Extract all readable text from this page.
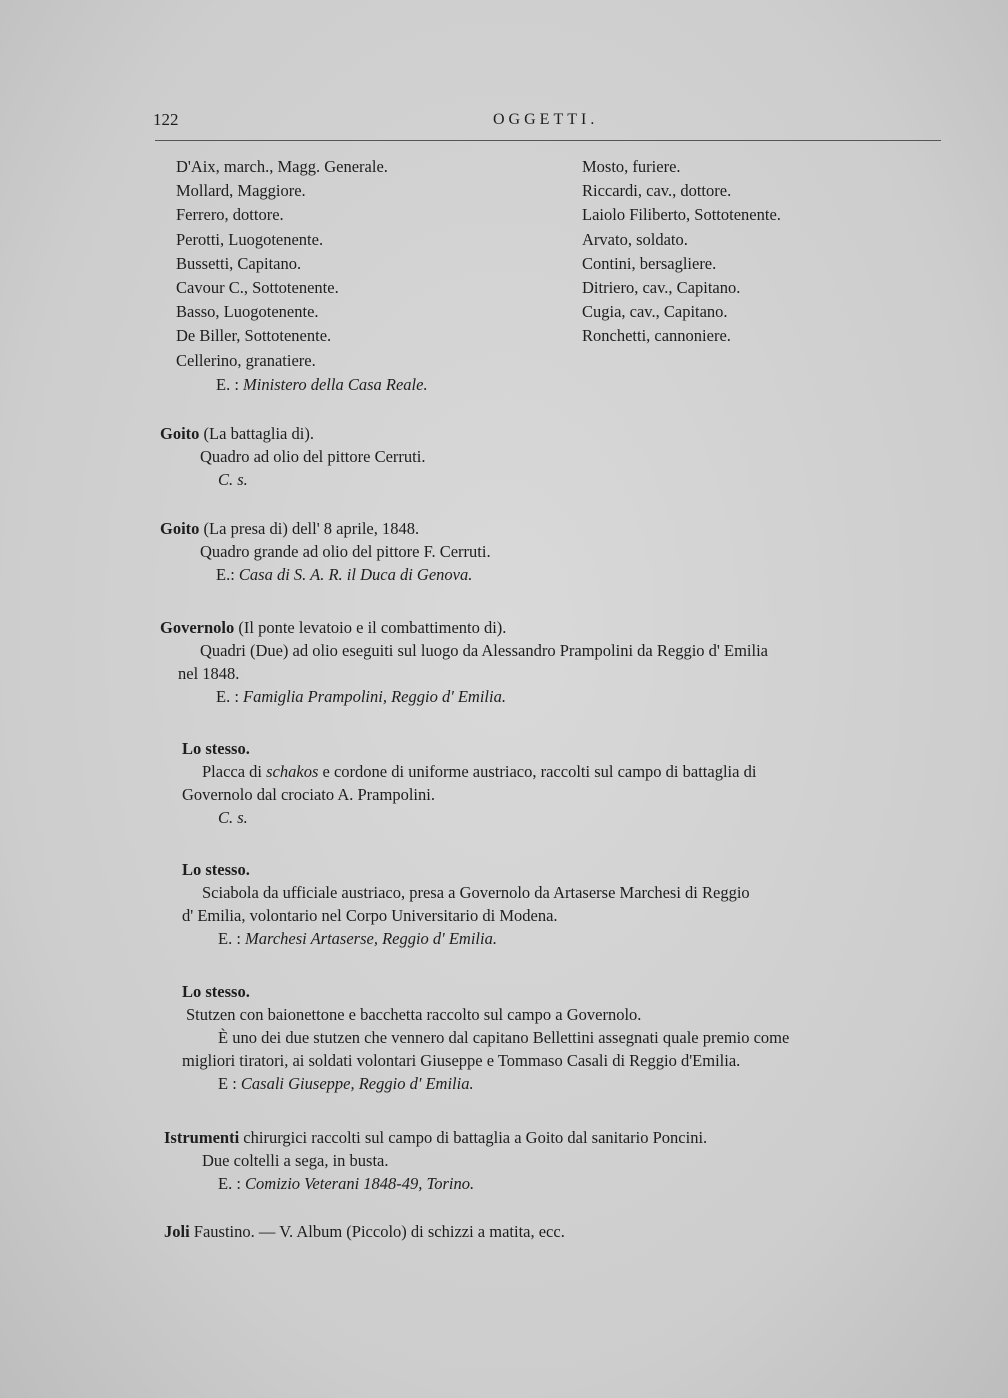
122	OGGETTI.
D'Aix, march., Magg. Generale.
Mollard, Maggiore.
Ferrero, dottore.
Perotti, Luogotenente.
Bussetti, Capitano.
Cavour C., Sottotenente.
Basso, Luogotenente.
De Biller, Sottotenente.
Cellerino, granatiere.
E. : Ministero della Casa Reale.
Mosto, furiere.
Riccardi, cav., dottore.
Laiolo Filiberto, Sottotenente.
Arvato, soldato.
Contini, bersagliere.
Ditriero, cav., Capitano.
Cugia, cav., Capitano.
Ronchetti, cannoniere.
Goito (La battaglia di).
Quadro ad olio del pittore Cerruti.
C. s.
Goito (La presa di) dell' 8 aprile, 1848.
Quadro grande ad olio del pittore F. Cerruti.
E.: Casa di S. A. R. il Duca di Genova.
Governolo (Il ponte levatoio e il combattimento di).
Quadri (Due) ad olio eseguiti sul luogo da Alessandro Prampolini da Reggio d' Emilia
nel 1848.
E. : Famiglia Prampolini, Reggio d' Emilia.
Lo stesso.
Placca di schakos e cordone di uniforme austriaco, raccolti sul campo di battaglia di
Governolo dal crociato A. Prampolini.
C. s.
Lo stesso.
Sciabola da ufficiale austriaco, presa a Governolo da Artaserse Marchesi di Reggio
d' Emilia, volontario nel Corpo Universitario di Modena.
E. : Marchesi Artaserse, Reggio d' Emilia.
Lo stesso.
Stutzen con baionettone e bacchetta raccolto sul campo a Governolo.
È uno dei due stutzen che vennero dal capitano Bellettini assegnati quale premio come
migliori tiratori, ai soldati volontari Giuseppe e Tommaso Casali di Reggio d'Emilia.
E : Casali Giuseppe, Reggio d' Emilia.
Istrumenti chirurgici raccolti sul campo di battaglia a Goito dal sanitario Poncini.
Due coltelli a sega, in busta.
E. : Comizio Veterani 1848-49, Torino.
Joli Faustino. — V. Album (Piccolo) di schizzi a matita, ecc.
